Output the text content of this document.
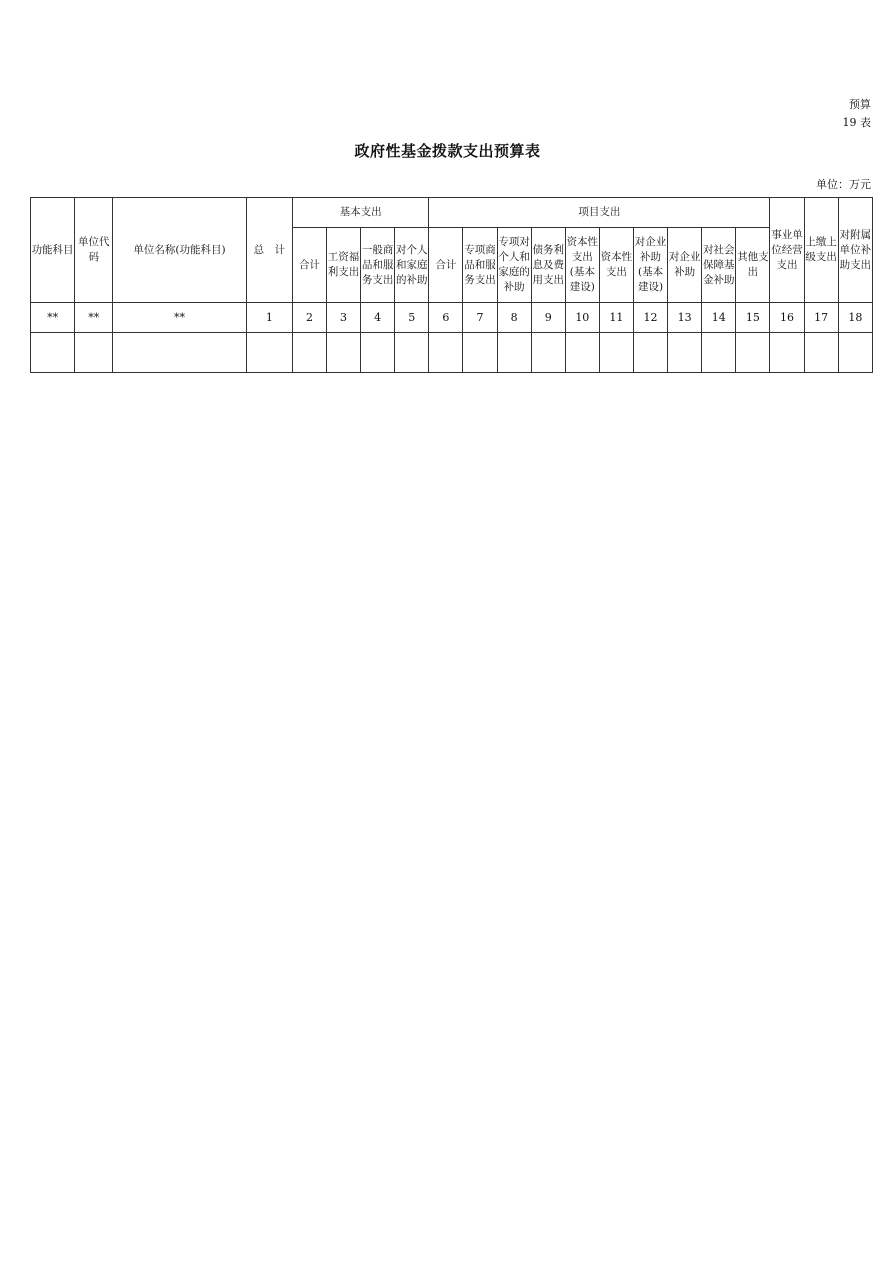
预算
19 表
政府性基金拨款支出预算表
单位：万元
功能科目	单位代码	单位名称(功能科目)	总　计	基本支出				项目支出										事业单位经营支出	上缴上级支出	对附属单位补助支出
				合计	工资福利支出	一般商品和服务支出	对个人和家庭的补助	合计	专项商品和服务支出	专项对个人和家庭的补助	债务利息及费用支出	资本性支出(基本建设)	资本性支出	对企业补助(基本建设)	对企业补助	对社会保障基金补助	其他支出			
**	**	**	1	2	3	4	5	6	7	8	9	10	11	12	13	14	15	16	17	18
